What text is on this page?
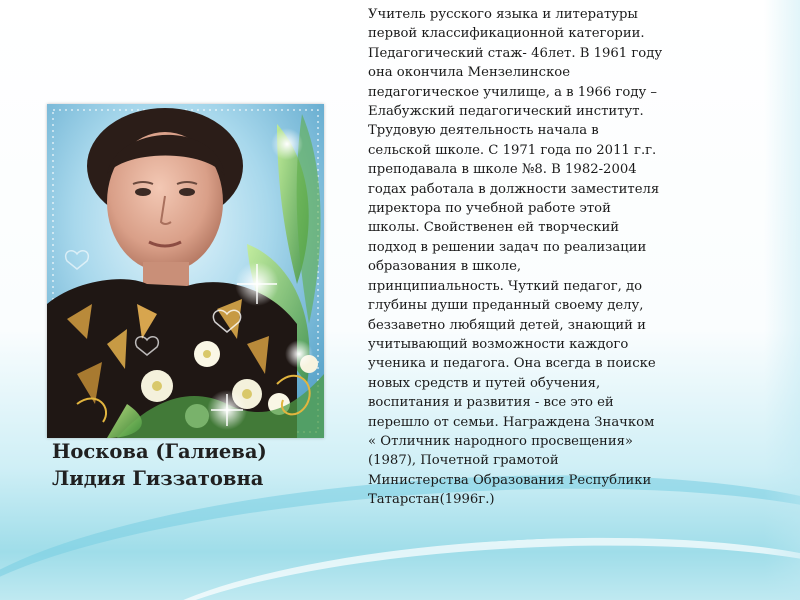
Носкова (Галиева)
Лидия Гиззатовна
Учитель русского языка и литературы
первой классификационной категории.
Педагогический стаж- 46лет. В 1961 году
она окончила Мензелинское
педагогическое училище, а в 1966 году –
Елабужский педагогический институт.
Трудовую деятельность начала в
сельской школе. С 1971 года по 2011 г.г.
преподавала в школе №8. В 1982-2004
годах работала в должности заместителя
директора по учебной работе этой
школы. Свойственен ей творческий
подход в решении задач по реализации
образования в школе,
принципиальность. Чуткий педагог, до
глубины души преданный своему делу,
беззаветно любящий детей, знающий и
учитывающий возможности каждого
ученика и педагога. Она всегда в поиске
новых средств и путей обучения,
воспитания и развития - все это ей
перешло от семьи. Награждена Значком
« Отличник народного просвещения»
(1987), Почетной грамотой
Министерства Образования Республики
Татарстан(1996г.)
